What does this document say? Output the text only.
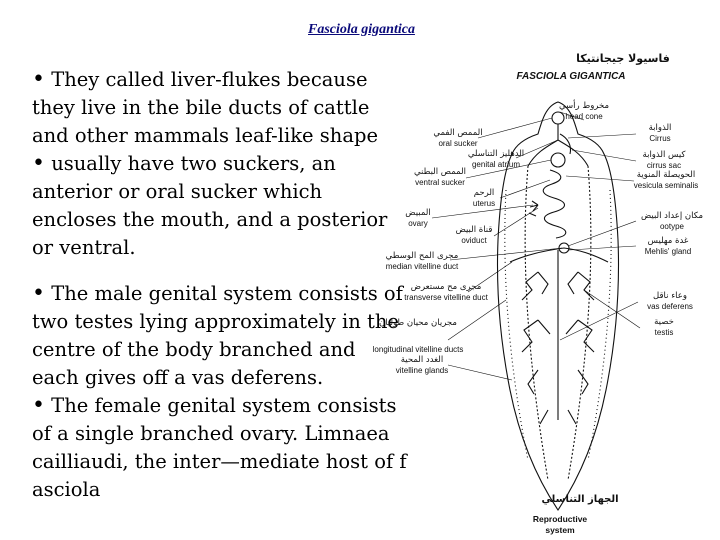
Fasciola gigantica
• They called liver-flukes because
they live in the bile ducts of cattle
and other mammals leaf-like shape
• usually have two suckers, an
anterior or oral sucker which
encloses the mouth, and a posterior
or ventral.
• The male genital system consists of
two testes lying approximately in the
centre of the body branched and
each gives off a vas deferens.
• The female genital system consists
of a single branched ovary. Limnaea
cailliaudi, the inter—mediate host of f
asciola
فاسيولا جيجانتيكا
FASCIOLA GIGANTICA
الممص الفمي
oral sucker
الممص البطني
ventral sucker
المبيض
ovary
مجرى المح الوسطي
median vitelline duct
مجرى مح مستعرض
transverse vitelline duct
مجريان محيان طوليان
longitudinal vitelline ducts
الغدد المحية
vitelline glands
الدهليز التناسلي
genital atrium
الرحم
uterus
قناة البيض
oviduct
مخروط رأسي
head cone
الذوابة
Cirrus
كيس الذوابة
cirrus sac
الحويصلة المنوية
vesicula seminalis
مكان إعداد البيض
ootype
غدة مهليس
Mehlis' gland
وعاء ناقل
vas deferens
خصية
testis
الجهاز التناسلي
Reproductive
system
